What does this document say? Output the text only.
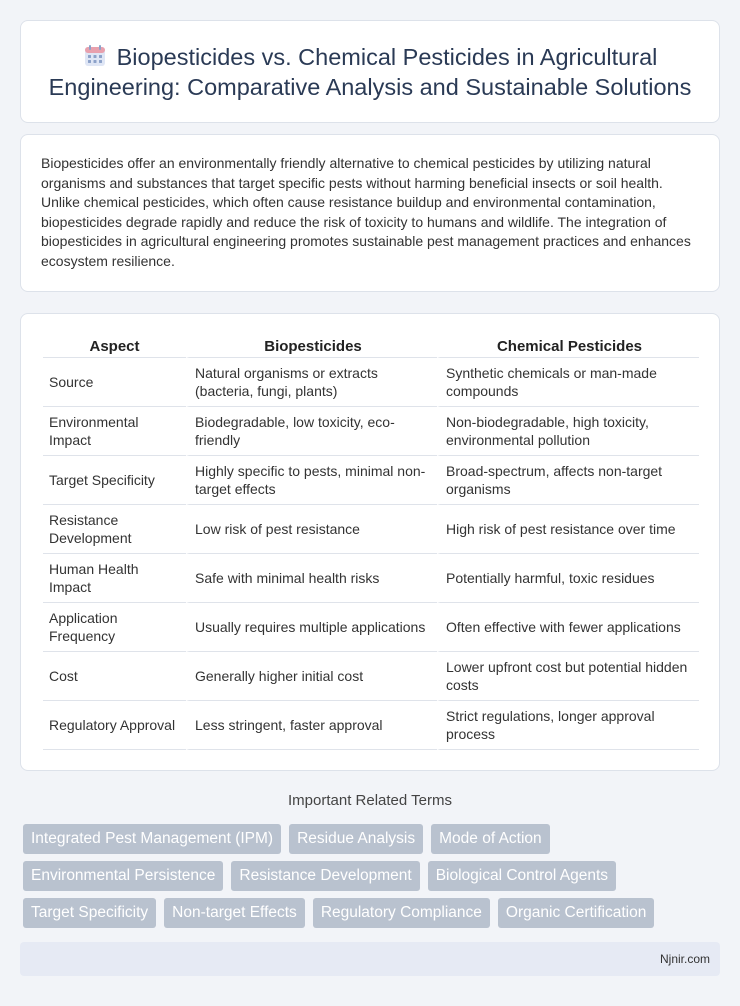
Biopesticides vs. Chemical Pesticides in Agricultural Engineering: Comparative Analysis and Sustainable Solutions

Biopesticides offer an environmentally friendly alternative to chemical pesticides by utilizing natural organisms and substances that target specific pests without harming beneficial insects or soil health. Unlike chemical pesticides, which often cause resistance buildup and environmental contamination, biopesticides degrade rapidly and reduce the risk of toxicity to humans and wildlife. The integration of biopesticides in agricultural engineering promotes sustainable pest management practices and enhances ecosystem resilience.

Aspect	Biopesticides	Chemical Pesticides
Source	Natural organisms or extracts (bacteria, fungi, plants)	Synthetic chemicals or man-made compounds
Environmental Impact	Biodegradable, low toxicity, eco-friendly	Non-biodegradable, high toxicity, environmental pollution
Target Specificity	Highly specific to pests, minimal non-target effects	Broad-spectrum, affects non-target organisms
Resistance Development	Low risk of pest resistance	High risk of pest resistance over time
Human Health Impact	Safe with minimal health risks	Potentially harmful, toxic residues
Application Frequency	Usually requires multiple applications	Often effective with fewer applications
Cost	Generally higher initial cost	Lower upfront cost but potential hidden costs
Regulatory Approval	Less stringent, faster approval	Strict regulations, longer approval process
Important Related Terms
Integrated Pest Management (IPM)	Residue Analysis	Mode of Action
Environmental Persistence	Resistance Development	Biological Control Agents
Target Specificity	Non-target Effects	Regulatory Compliance	Organic Certification
Njnir.com
